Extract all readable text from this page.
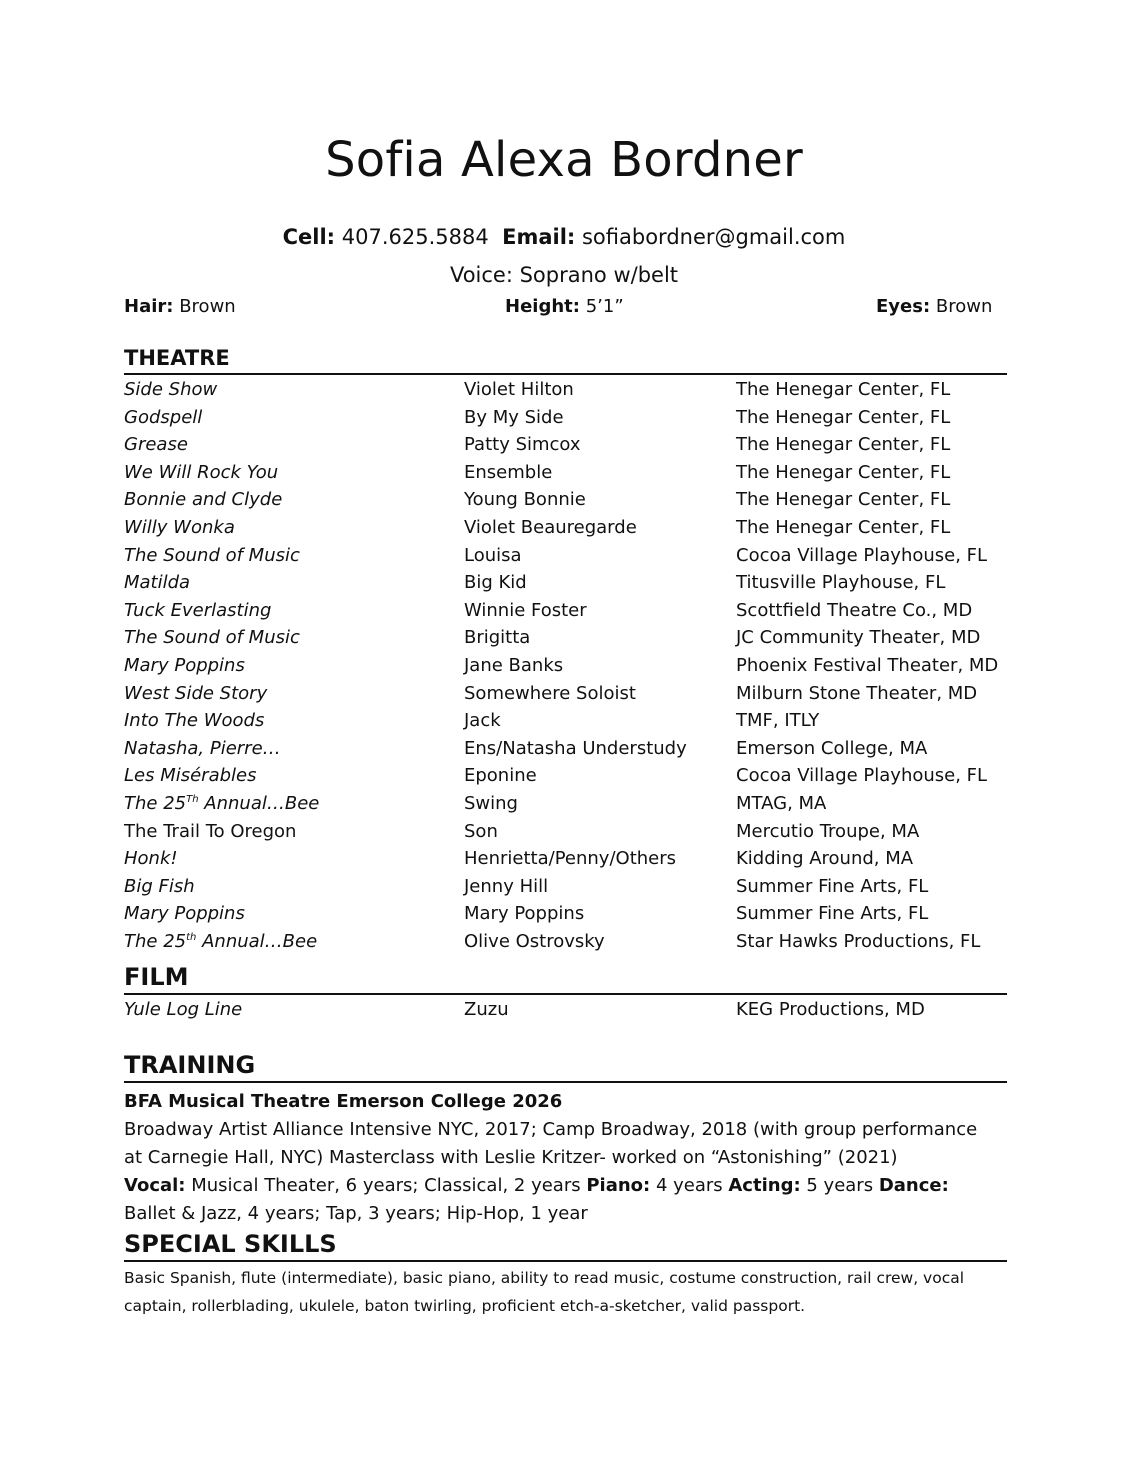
Sofia Alexa Bordner
Cell: 407.625.5884 Email: sofiabordner@gmail.com
Voice: Soprano w/belt
Hair: Brown	Height: 5’1”	Eyes: Brown
THEATRE
Side Show	Violet Hilton	The Henegar Center, FL
Godspell	By My Side	The Henegar Center, FL
Grease	Patty Simcox	The Henegar Center, FL
We Will Rock You	Ensemble	The Henegar Center, FL
Bonnie and Clyde	Young Bonnie	The Henegar Center, FL
Willy Wonka	Violet Beauregarde	The Henegar Center, FL
The Sound of Music	Louisa	Cocoa Village Playhouse, FL
Matilda	Big Kid	Titusville Playhouse, FL
Tuck Everlasting	Winnie Foster	Scottfield Theatre Co., MD
The Sound of Music	Brigitta	JC Community Theater, MD
Mary Poppins	Jane Banks	Phoenix Festival Theater, MD
West Side Story	Somewhere Soloist	Milburn Stone Theater, MD
Into The Woods	Jack	TMF, ITLY
Natasha, Pierre…	Ens/Natasha Understudy	Emerson College, MA
Les Misérables	Eponine	Cocoa Village Playhouse, FL
The 25Th Annual…Bee	Swing	MTAG, MA
The Trail To Oregon	Son	Mercutio Troupe, MA
Honk!	Henrietta/Penny/Others	Kidding Around, MA
Big Fish	Jenny Hill	Summer Fine Arts, FL
Mary Poppins	Mary Poppins	Summer Fine Arts, FL
The 25th Annual…Bee	Olive Ostrovsky	Star Hawks Productions, FL
FILM
Yule Log Line	Zuzu	KEG Productions, MD
TRAINING
BFA Musical Theatre Emerson College 2026
Broadway Artist Alliance Intensive NYC, 2017; Camp Broadway, 2018 (with group performance
at Carnegie Hall, NYC) Masterclass with Leslie Kritzer- worked on “Astonishing” (2021)
Vocal: Musical Theater, 6 years; Classical, 2 years Piano: 4 years Acting: 5 years Dance: Ballet & Jazz, 4 years; Tap, 3 years; Hip-Hop, 1 year
SPECIAL SKILLS
Basic Spanish, flute (intermediate), basic piano, ability to read music, costume construction, rail crew, vocal captain, rollerblading, ukulele, baton twirling, proficient etch-a-sketcher, valid passport.
